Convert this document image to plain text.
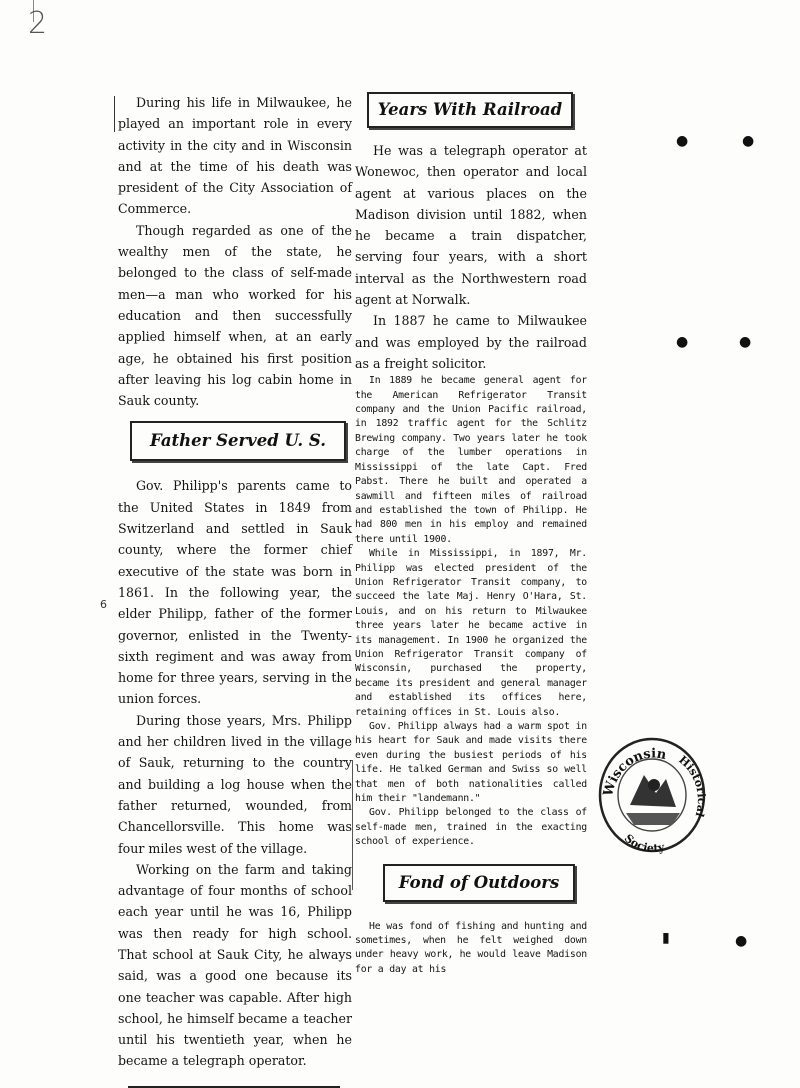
2

During his life in Milwaukee, he played an important role in every activity in the city and in Wisconsin and at the time of his death was president of the City Association of Commerce.

Though regarded as one of the wealthy men of the state, he belonged to the class of self-made men—a man who worked for his education and then successfully applied himself when, at an early age, he obtained his first position after leaving his log cabin home in Sauk county.

Father Served U. S.

Gov. Philipp's parents came to the United States in 1849 from Switzerland and settled in Sauk county, where the former chief executive of the state was born in 1861. In the following year, the elder Philipp, father of the former governor, enlisted in the Twenty-sixth regiment and was away from home for three years, serving in the union forces.

During those years, Mrs. Philipp and her children lived in the village of Sauk, returning to the country and building a log house when the father returned, wounded, from Chancellorsville. This home was four miles west of the village.

Working on the farm and taking advantage of four months of school each year until he was 16, Philipp was then ready for high school. That school at Sauk City, he always said, was a good one because its one teacher was capable. After high school, he himself became a teacher until his twentieth year, when he became a telegraph operator.

6
Years With Railroad

He was a telegraph operator at Wonewoc, then operator and local agent at various places on the Madison division until 1882, when he became a train dispatcher, serving four years, with a short interval as the Northwestern road agent at Norwalk.

In 1887 he came to Milwaukee and was employed by the railroad as a freight solicitor.

In 1889 he became general agent for the American Refrigerator Transit company and the Union Pacific railroad, in 1892 traffic agent for the Schlitz Brewing company. Two years later he took charge of the lumber operations in Mississippi of the late Capt. Fred Pabst. There he built and operated a sawmill and fifteen miles of railroad and established the town of Philipp. He had 800 men in his employ and remained there until 1900.

While in Mississippi, in 1897, Mr. Philipp was elected president of the Union Refrigerator Transit company, to succeed the late Maj. Henry O'Hara, St. Louis, and on his return to Milwaukee three years later he became active in its management. In 1900 he organized the Union Refrigerator Transit company of Wisconsin, purchased the property, became its president and general manager and established its offices here, retaining offices in St. Louis also.

Gov. Philipp always had a warm spot in his heart for Sauk and made visits there even during the busiest periods of his life. He talked German and Swiss so well that men of both nationalities called him their "landemann."

Gov. Philipp belonged to the class of self-made men, trained in the exacting school of experience.

Fond of Outdoors

He was fond of fishing and hunting and sometimes, when he felt weighed down under heavy work, he would leave Madison for a day at his

●	●
●	●
▮	●
Wisconsin Historical
Society
